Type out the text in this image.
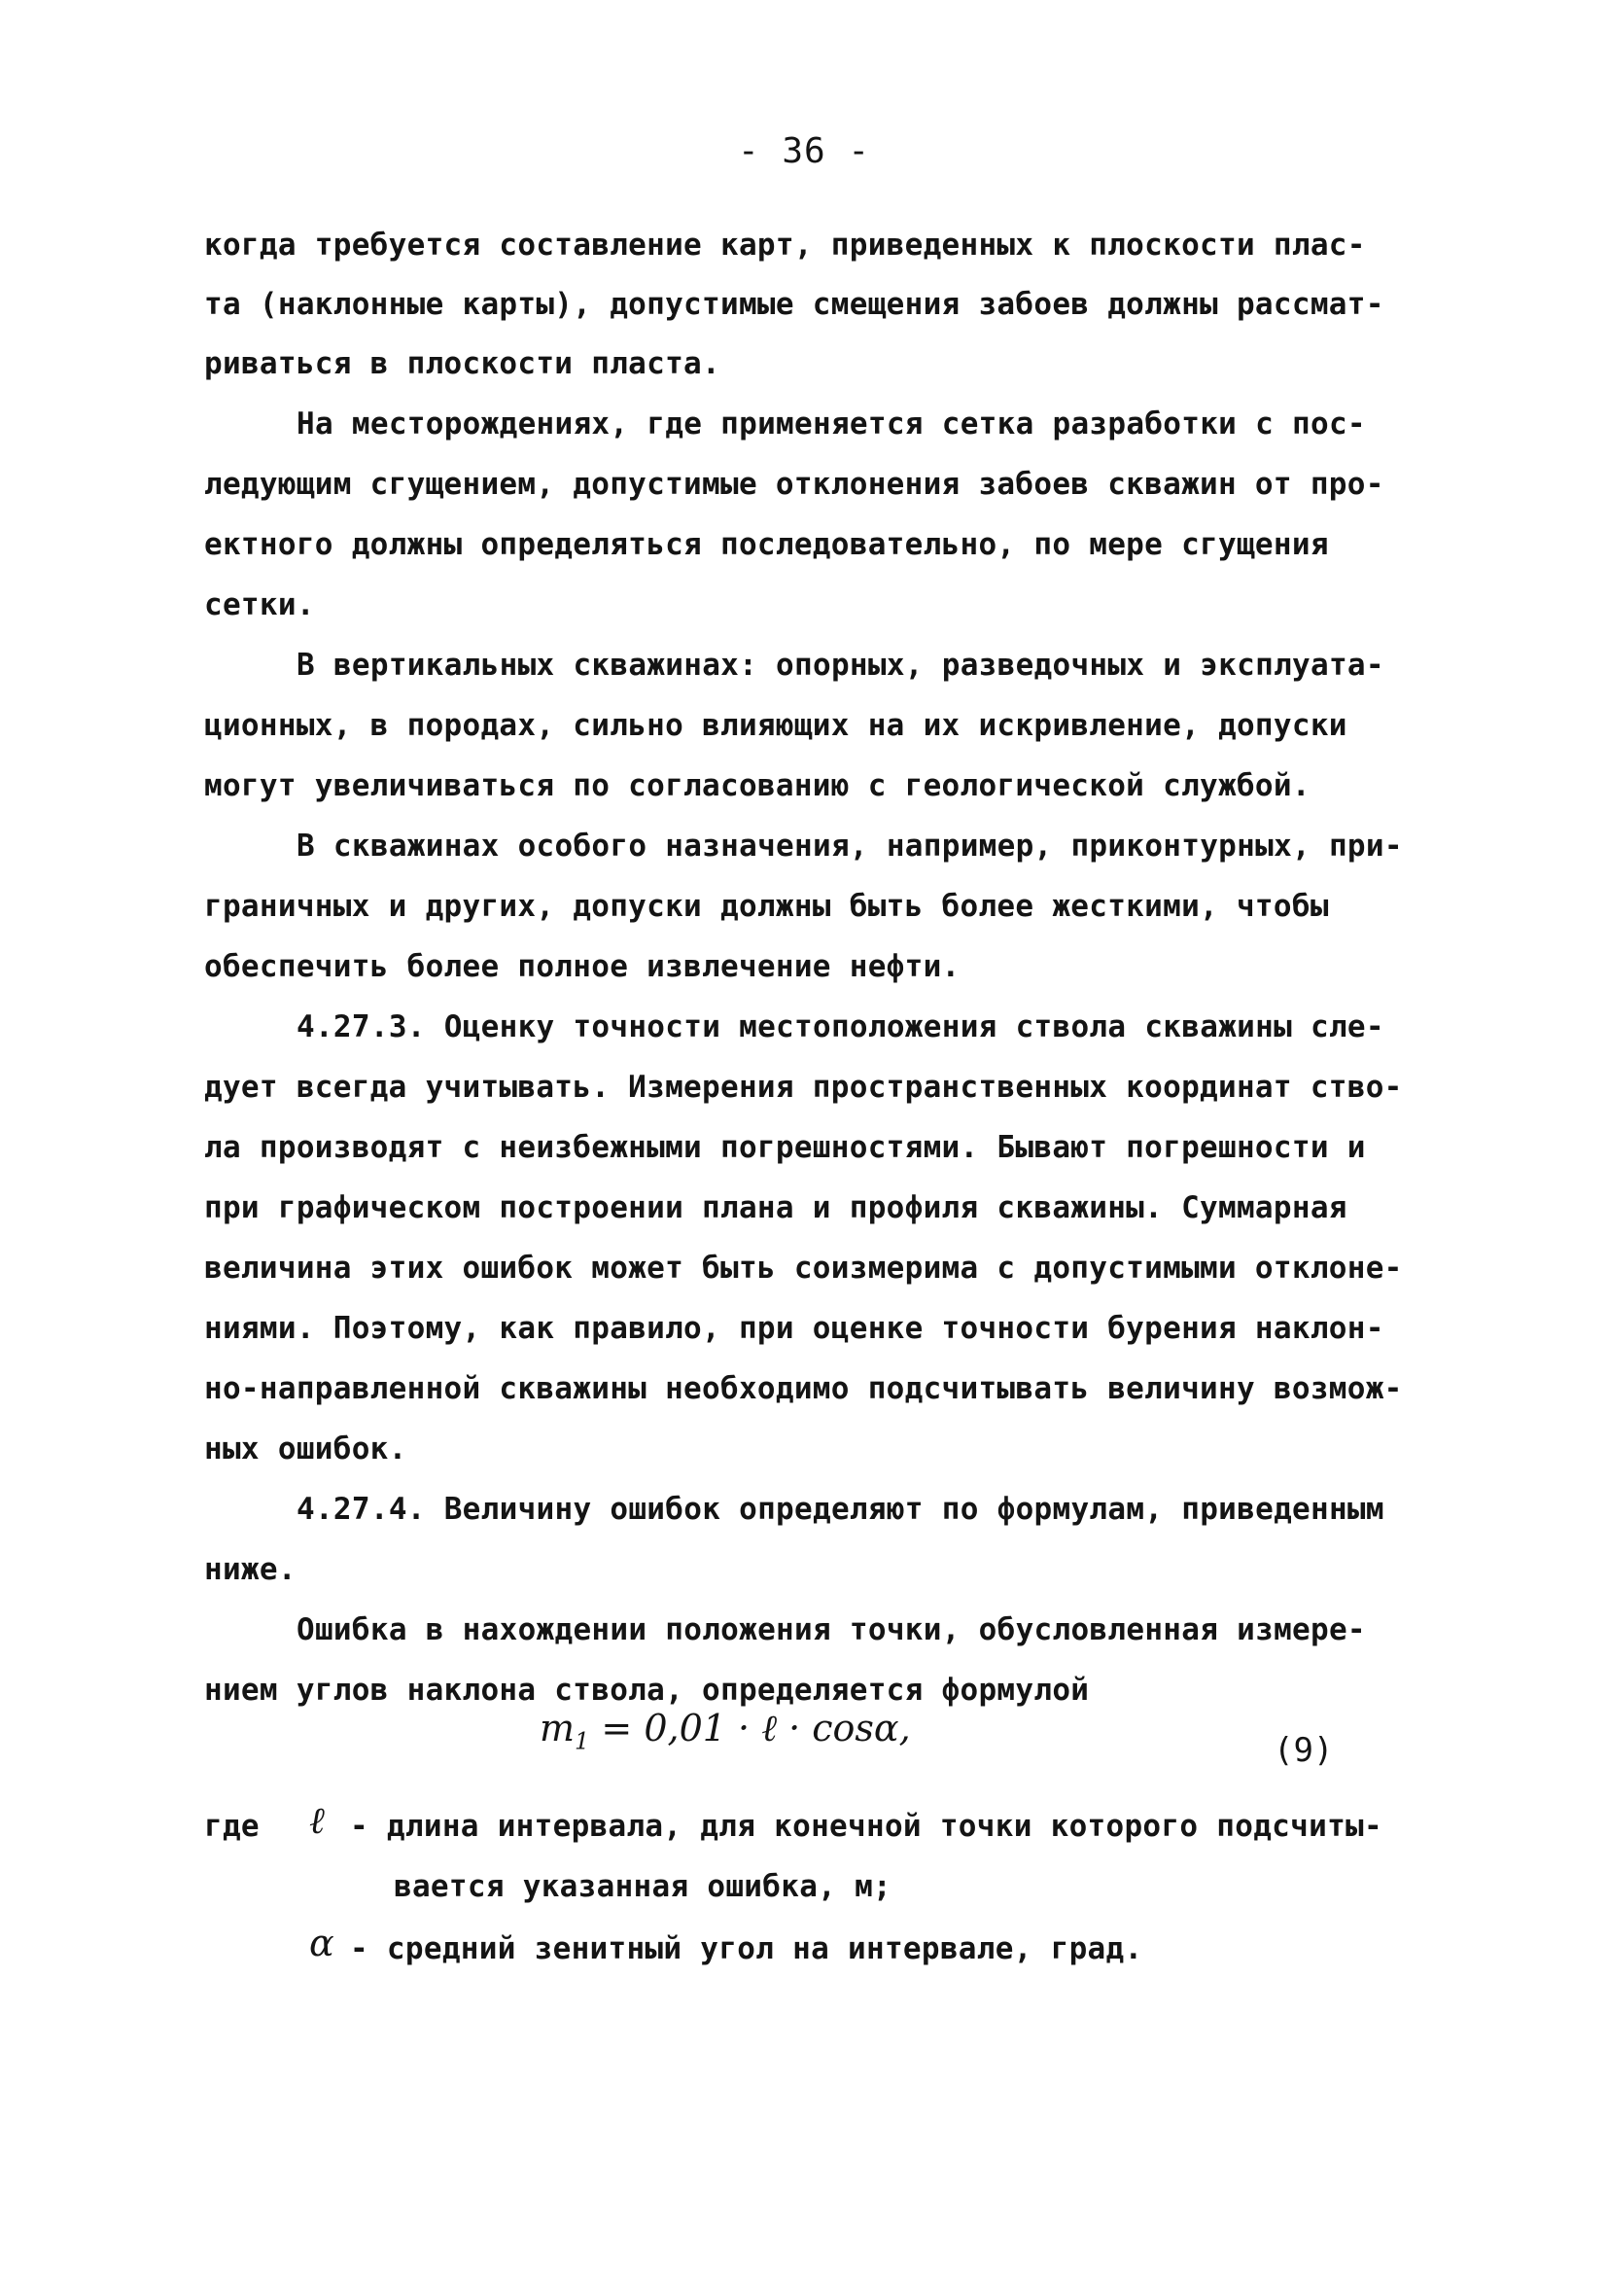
- 36 -
когда требуется составление карт, приведенных к плоскости плас-
та (наклонные карты), допустимые смещения забоев должны рассмат-
риваться в плоскости пласта.
На месторождениях, где применяется сетка разработки с пос-
ледующим сгущением, допустимые отклонения забоев скважин от про-
ектного должны определяться последовательно, по мере сгущения
сетки.
В вертикальных скважинах: опорных, разведочных и эксплуата-
ционных, в породах, сильно влияющих на их искривление, допуски
могут увеличиваться по согласованию с геологической службой.
В скважинах особого назначения, например, приконтурных, при-
граничных и других, допуски должны быть более жесткими, чтобы
обеспечить более полное извлечение нефти.
4.27.3. Оценку точности местоположения ствола скважины сле-
дует всегда учитывать. Измерения пространственных координат ство-
ла производят с неизбежными погрешностями. Бывают погрешности и
при графическом построении плана и профиля скважины. Суммарная
величина этих ошибок может быть соизмерима с допустимыми отклоне-
ниями. Поэтому, как правило, при оценке точности бурения наклон-
но-направленной скважины необходимо подсчитывать величину возмож-
ных ошибок.
4.27.4. Величину ошибок определяют по формулам, приведенным
ниже.
Ошибка в нахождении положения точки, обусловленная измере-
нием углов наклона ствола, определяется формулой
$m_1 = 0,01$ · ℓ · cosα,
(9)
где ℓ - длина интервала, для конечной точки которого подсчиты-
вается указанная ошибка, м;
α - средний зенитный угол на интервале, град.
